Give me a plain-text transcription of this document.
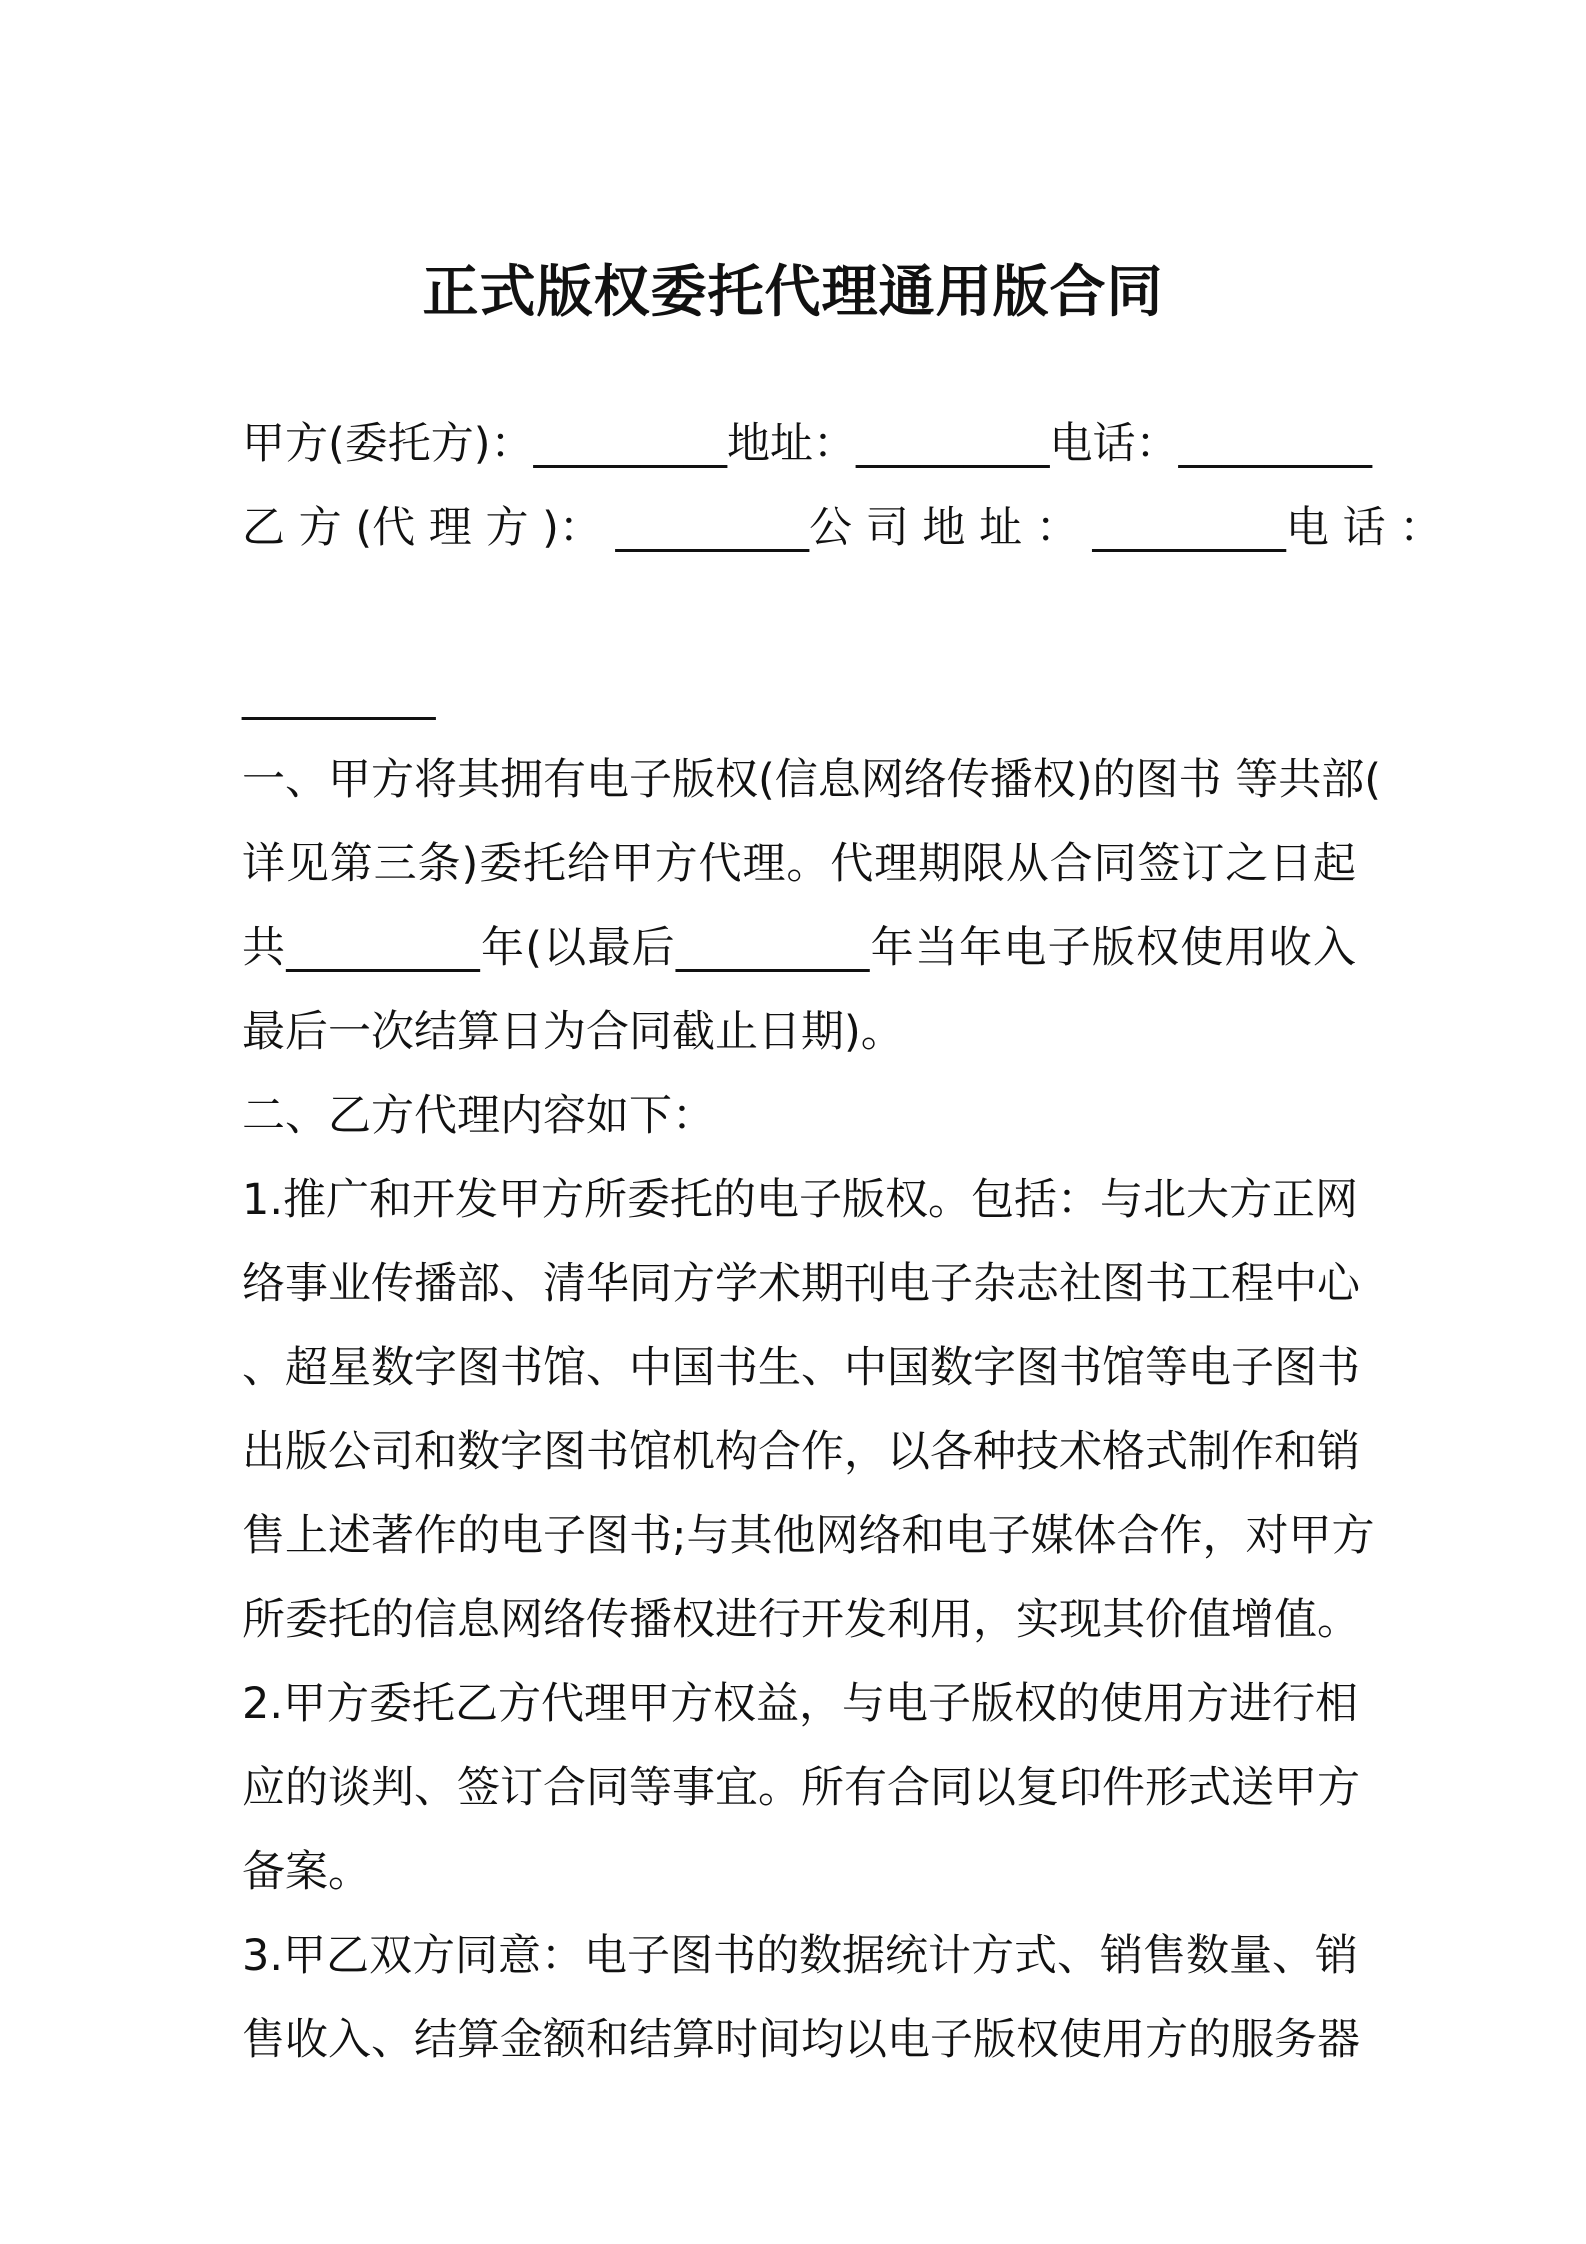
正式版权委托代理通用版合同
甲方(委托方)：_________地址：_________电话：_________
乙 方 (代 理 方 )： _________公 司 地 址 ： _________电 话 ：
_________
一、甲方将其拥有电子版权(信息网络传播权)的图书 等共部(
详见第三条)委托给甲方代理。代理期限从合同签订之日起
共_________年(以最后_________年当年电子版权使用收入
最后一次结算日为合同截止日期)。
二、乙方代理内容如下：
1.推广和开发甲方所委托的电子版权。包括：与北大方正网
络事业传播部、清华同方学术期刊电子杂志社图书工程中心
、超星数字图书馆、中国书生、中国数字图书馆等电子图书
出版公司和数字图书馆机构合作，以各种技术格式制作和销
售上述著作的电子图书;与其他网络和电子媒体合作，对甲方
所委托的信息网络传播权进行开发利用，实现其价值增值。
2.甲方委托乙方代理甲方权益，与电子版权的使用方进行相
应的谈判、签订合同等事宜。所有合同以复印件形式送甲方
备案。
3.甲乙双方同意：电子图书的数据统计方式、销售数量、销
售收入、结算金额和结算时间均以电子版权使用方的服务器
